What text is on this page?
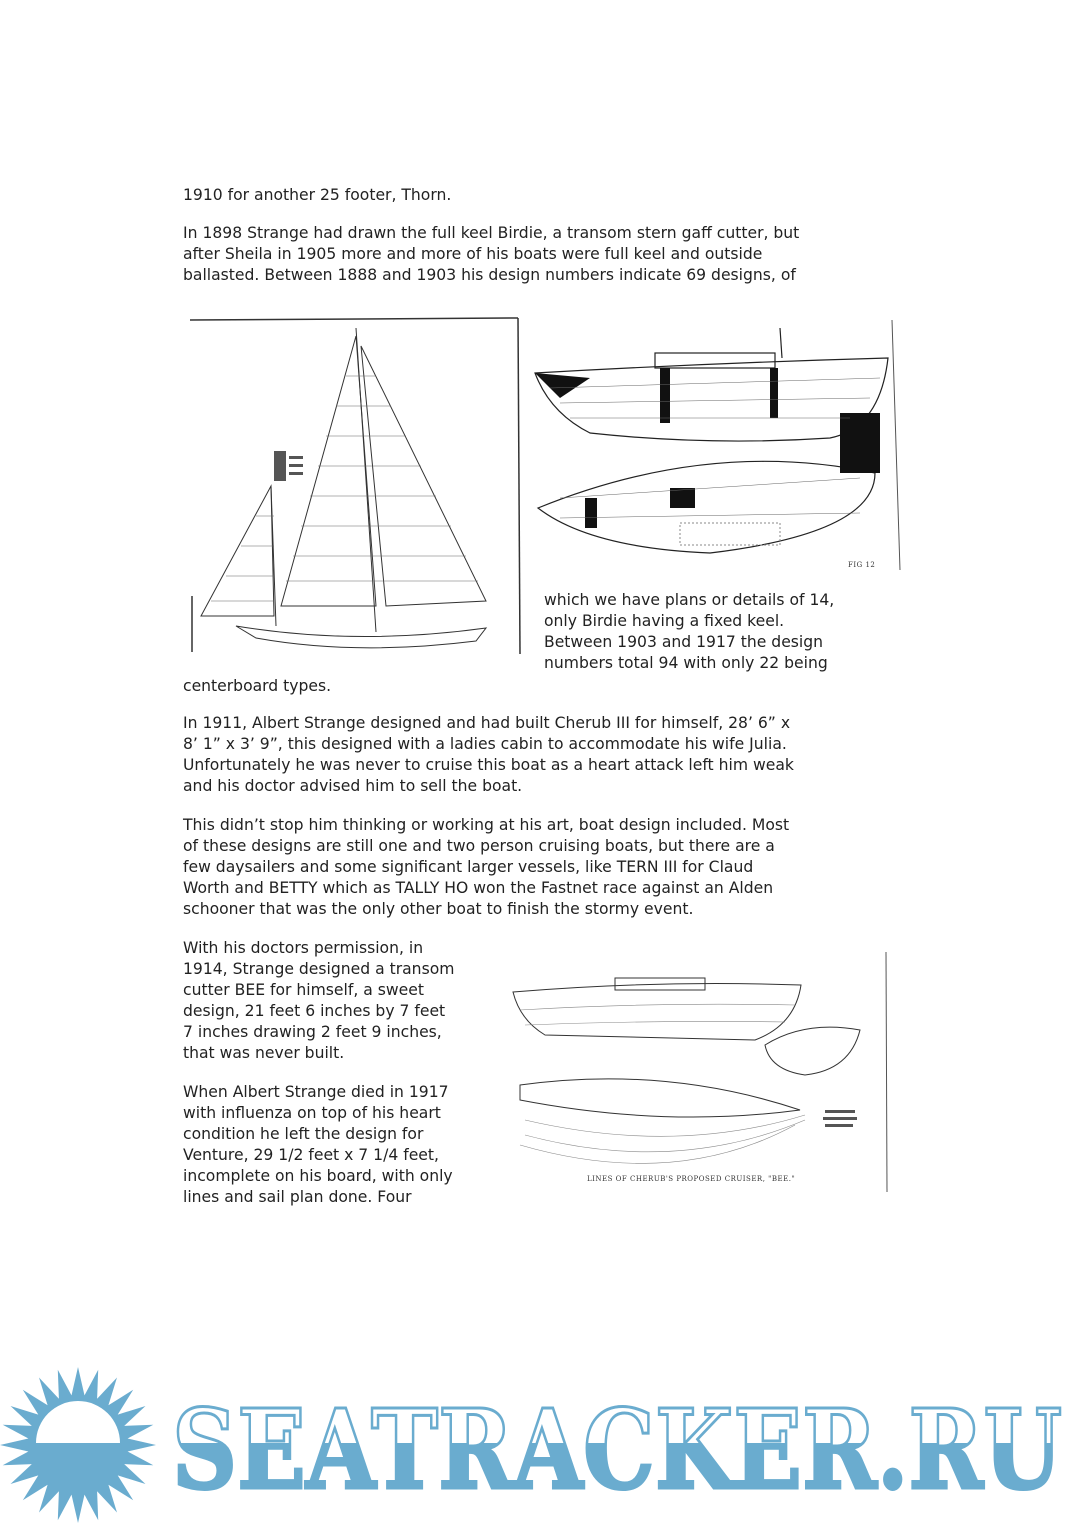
1910 for another 25 footer, Thorn.

In 1898 Strange had drawn the full keel Birdie, a transom stern gaff cutter, but
after Sheila in 1905 more and more of his boats were full keel and outside
ballasted. Between 1888 and 1903 his design numbers indicate 69 designs, of

FIG 12

which we have plans or details of 14,
only Birdie having a fixed keel.
Between 1903 and 1917 the design
numbers total 94 with only 22 being

centerboard types.

In 1911, Albert Strange designed and had built Cherub III for himself, 28’ 6” x
8’ 1” x 3’ 9”, this designed with a ladies cabin to accommodate his wife Julia.
Unfortunately he was never to cruise this boat as a heart attack left him weak
and his doctor advised him to sell the boat.

This didn’t stop him thinking or working at his art, boat design included. Most
of these designs are still one and two person cruising boats, but there are a
few daysailers and some significant larger vessels, like TERN III for Claud
Worth and BETTY which as TALLY HO won the Fastnet race against an Alden
schooner that was the only other boat to finish the stormy event.

With his doctors permission, in
1914, Strange designed a transom
cutter BEE for himself, a sweet
design, 21 feet 6 inches by 7 feet
7 inches drawing 2 feet 9 inches,
that was never built.

When Albert Strange died in 1917
with influenza on top of his heart
condition he left the design for
Venture, 29 1/2 feet x 7 1/4 feet,
incomplete on his board, with only
lines and sail plan done. Four

LINES OF CHERUB'S PROPOSED CRUISER, "BEE."
SEATRACKER.RU
